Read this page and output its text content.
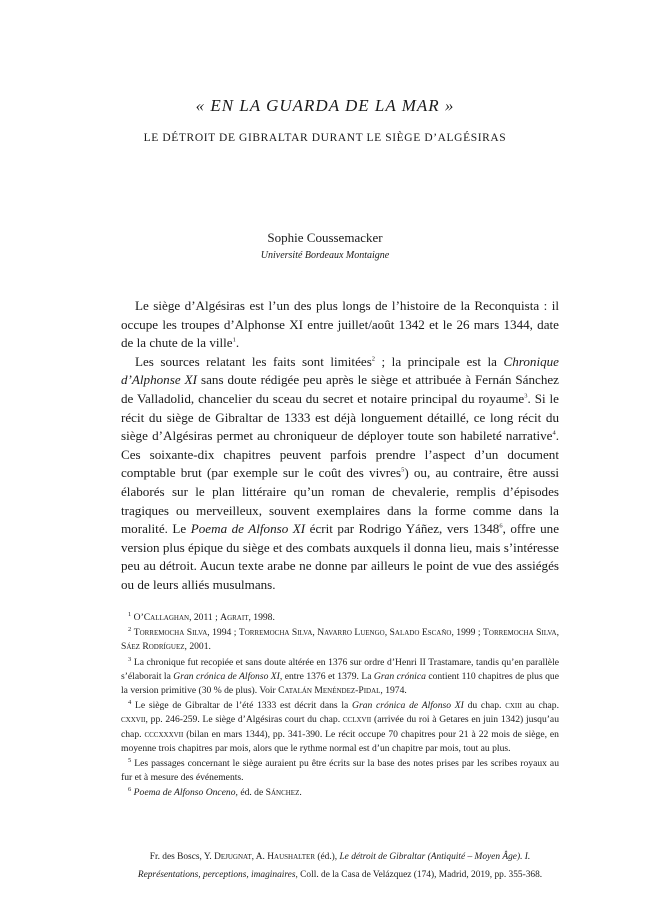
« EN LA GUARDA DE LA MAR »
LE DÉTROIT DE GIBRALTAR DURANT LE SIÈGE D’ALGÉSIRAS
Sophie Coussemacker
Université Bordeaux Montaigne

Le siège d’Algésiras est l’un des plus longs de l’histoire de la Reconquista : il occupe les troupes d’Alphonse XI entre juillet/août 1342 et le 26 mars 1344, date de la chute de la ville$^1$.

Les sources relatant les faits sont limitées$^2$ ; la principale est la Chronique d’Alphonse XI sans doute rédigée peu après le siège et attribuée à Fernán Sánchez de Valladolid, chancelier du sceau du secret et notaire principal du royaume$^3$. Si le récit du siège de Gibraltar de 1333 est déjà longuement détaillé, ce long récit du siège d’Algésiras permet au chroniqueur de déployer toute son habileté narrative$^4$. Ces soixante-dix chapitres peuvent parfois prendre l’aspect d’un document comptable brut (par exemple sur le coût des vivres$^5$) ou, au contraire, être aussi élaborés sur le plan littéraire qu’un roman de chevalerie, remplis d’épisodes tragiques ou merveilleux, souvent exemplaires dans la forme comme dans la moralité. Le Poema de Alfonso XI écrit par Rodrigo Yáñez, vers 1348$^6$, offre une version plus épique du siège et des combats auxquels il donna lieu, mais s’intéresse peu au détroit. Aucun texte arabe ne donne par ailleurs le point de vue des assiégés ou de leurs alliés musulmans.

$^1$ O’Callaghan, 2011 ; Agrait, 1998.

$^2$ Torremocha Silva, 1994 ; Torremocha Silva, Navarro Luengo, Salado Escaño, 1999 ; Torremocha Silva, Sáez Rodríguez, 2001.

$^3$ La chronique fut recopiée et sans doute altérée en 1376 sur ordre d’Henri II Trastamare, tandis qu’en parallèle s’élaborait la Gran crónica de Alfonso XI, entre 1376 et 1379. La Gran crónica contient 110 chapitres de plus que la version primitive (30 % de plus). Voir Catalán Menéndez-Pidal, 1974.

$^4$ Le siège de Gibraltar de l’été 1333 est décrit dans la Gran crónica de Alfonso XI du chap. cxiii au chap. cxxvii, pp. 246-259. Le siège d’Algésiras court du chap. cclxvii (arrivée du roi à Getares en juin 1342) jusqu’au chap. cccxxxvii (bilan en mars 1344), pp. 341-390. Le récit occupe 70 chapitres pour 21 à 22 mois de siège, en moyenne trois chapitres par mois, alors que le rythme normal est d’un chapitre par mois, tout au plus.

$^5$ Les passages concernant le siège auraient pu être écrits sur la base des notes prises par les scribes royaux au fur et à mesure des événements.

$^6$ Poema de Alfonso Onceno, éd. de Sánchez.

Fr. des Boscs, Y. Dejugnat, A. Haushalter (éd.), Le détroit de Gibraltar (Antiquité – Moyen Âge). I.
Représentations, perceptions, imaginaires, Coll. de la Casa de Velázquez (174), Madrid, 2019, pp. 355-368.
